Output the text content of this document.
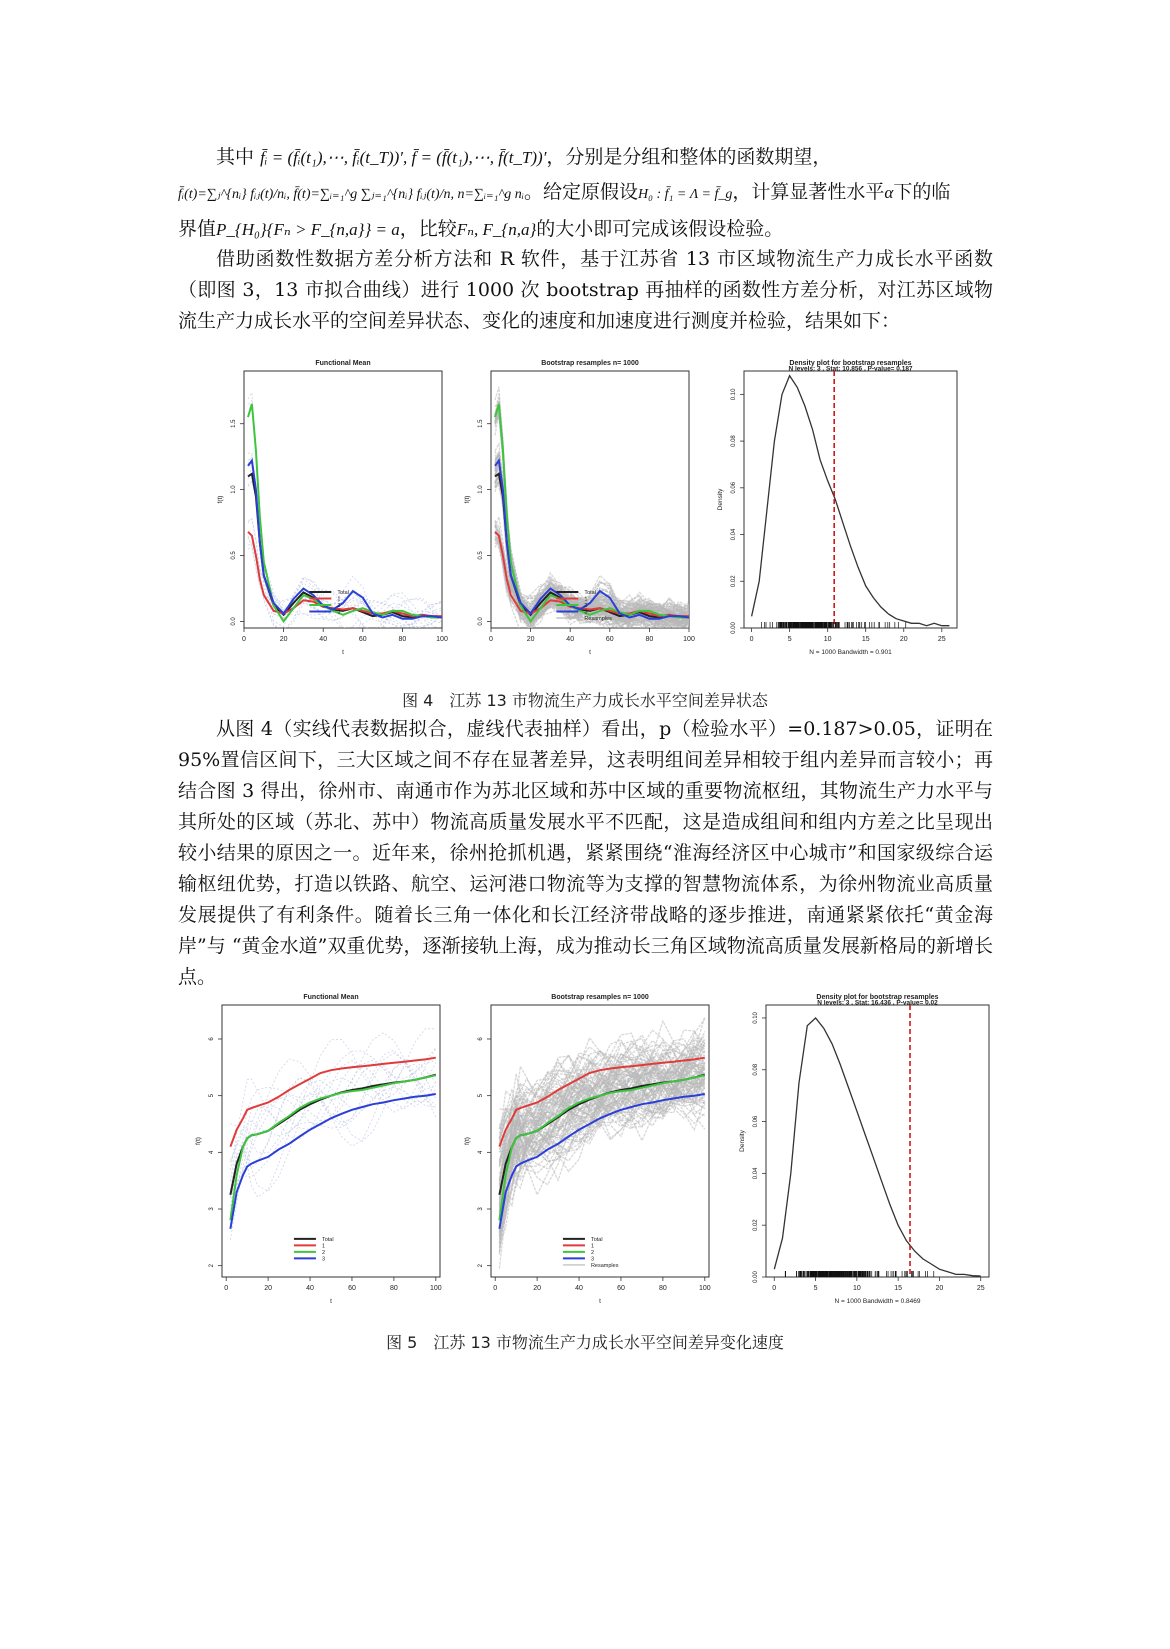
其中 f̄ᵢ = (f̄ᵢ(t₁),⋯, f̄ᵢ(t_T))′, f̄ = (f̄(t₁),⋯, f̄(t_T))′，分别是分组和整体的函数期望，

f̄ᵢ(t)=∑ⱼ^{nᵢ} fᵢⱼ(t)/nᵢ, f̄(t)=∑ᵢ₌₁^g ∑ⱼ₌₁^{nᵢ} fᵢⱼ(t)/n, n=∑ᵢ₌₁^g nᵢ。给定原假设H₀ : f̄₁ = Λ = f̄_g，计算显著性水平α下的临

界值P_{H₀}{Fₙ > F_{n,a}} = a，比较Fₙ, F_{n,a}的大小即可完成该假设检验。

借助函数性数据方差分析方法和 R 软件，基于江苏省 13 市区域物流生产力成长水平函数（即图 3，13 市拟合曲线）进行 1000 次 bootstrap 再抽样的函数性方差分析，对江苏区域物流生产力成长水平的空间差异状态、变化的速度和加速度进行测度并检验，结果如下：

Functional Mean
0	20	40	60	80	100
0.0
0.5
1.0
1.5
t
f(t)
Total
1
2
3
Bootstrap resamples n= 1000
0	20	40	60	80	100
0.0
0.5
1.0
1.5
t
f(t)
Total
1
2
3
Resamples
Density plot for bootstrap resamples
N levels: 3 , Stat: 10.856 , P-value= 0.187
0	5	10	15	20	25
0.00
0.02
0.04
0.06
0.08
0.10
N = 1000 Bandwidth = 0.901
Density
图 4　江苏 13 市物流生产力成长水平空间差异状态

从图 4（实线代表数据拟合，虚线代表抽样）看出，p（检验水平）=0.187>0.05，证明在 95%置信区间下，三大区域之间不存在显著差异，这表明组间差异相较于组内差异而言较小；再结合图 3 得出，徐州市、南通市作为苏北区域和苏中区域的重要物流枢纽，其物流生产力水平与其所处的区域（苏北、苏中）物流高质量发展水平不匹配，这是造成组间和组内方差之比呈现出较小结果的原因之一。近年来，徐州抢抓机遇，紧紧围绕“淮海经济区中心城市”和国家级综合运输枢纽优势，打造以铁路、航空、运河港口物流等为支撑的智慧物流体系，为徐州物流业高质量发展提供了有利条件。随着长三角一体化和长江经济带战略的逐步推进，南通紧紧依托“黄金海岸”与 “黄金水道”双重优势，逐渐接轨上海，成为推动长三角区域物流高质量发展新格局的新增长点。

Functional Mean
0	20	40	60	80	100
2
3
4
5
6
t
f(t)
Total
1
2
3
Bootstrap resamples n= 1000
0	20	40	60	80	100
2
3
4
5
6
t
f(t)
Total
1
2
3
Resamples
Density plot for bootstrap resamples
N levels: 3 , Stat: 16.436 , P-value= 0.02
0	5	10	15	20	25
0.00
0.02
0.04
0.06
0.08
0.10
N = 1000 Bandwidth = 0.8469
Density
图 5　江苏 13 市物流生产力成长水平空间差异变化速度
